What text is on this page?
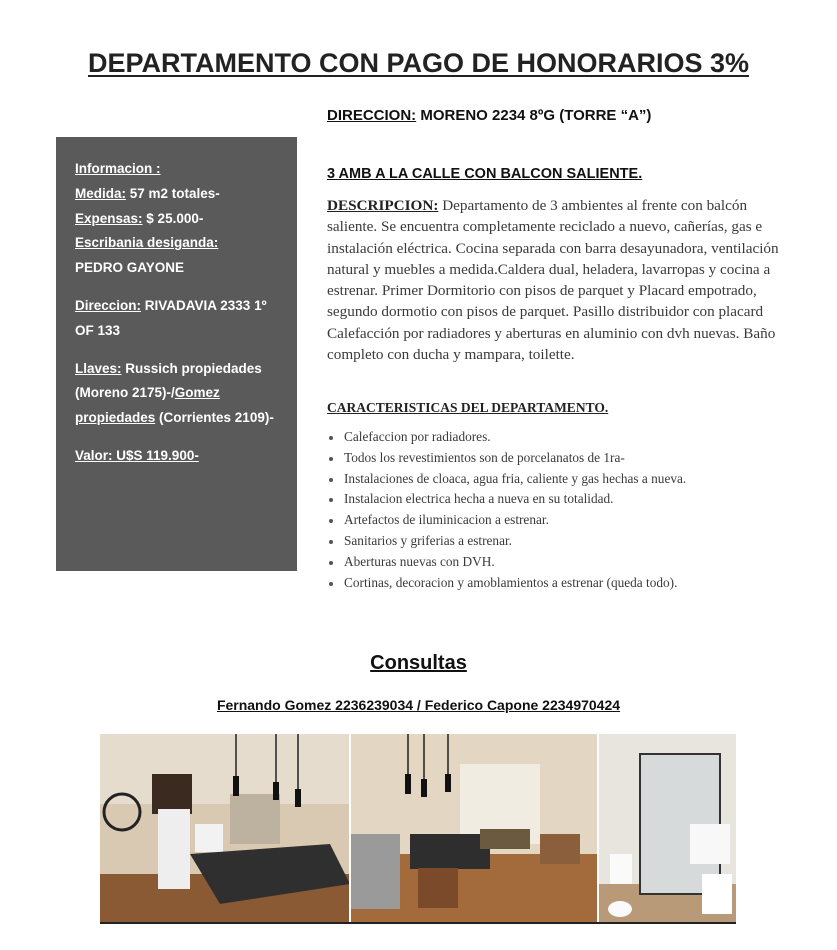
DEPARTAMENTO CON PAGO DE HONORARIOS 3%
DIRECCION: MORENO 2234 8ºG (TORRE “A”)

Informacion :

Medida: 57 m2 totales-

Expensas: $ 25.000-

Escribania desiganda:

PEDRO GAYONE

Direccion: RIVADAVIA 2333 1º OF 133

Llaves: Russich propiedades (Moreno 2175)-/Gomez propiedades (Corrientes 2109)-

Valor: U$S 119.900-

3 AMB A LA CALLE CON BALCON SALIENTE.
DESCRIPCION: Departamento de 3 ambientes al frente con balcón saliente. Se encuentra completamente reciclado a nuevo, cañerías, gas e instalación eléctrica. Cocina separada con barra desayunadora, ventilación natural y muebles a medida.Caldera dual, heladera, lavarropas y cocina a estrenar. Primer Dormitorio con pisos de parquet y Placard empotrado, segundo dormotio con pisos de parquet. Pasillo distribuidor con placard Calefacción por radiadores y aberturas en aluminio con dvh nuevas. Baño completo con ducha y mampara, toilette.
CARACTERISTICAS DEL DEPARTAMENTO.
Calefaccion por radiadores.
Todos los revestimientos son de porcelanatos de 1ra-
Instalaciones de cloaca, agua fria, caliente y gas hechas a nueva.
Instalacion electrica hecha a nueva en su totalidad.
Artefactos de iluminicacion a estrenar.
Sanitarios y griferias a estrenar.
Aberturas nuevas con DVH.
Cortinas, decoracion y amoblamientos a estrenar (queda todo).
Consultas
Fernando Gomez 2236239034 / Federico Capone 2234970424
